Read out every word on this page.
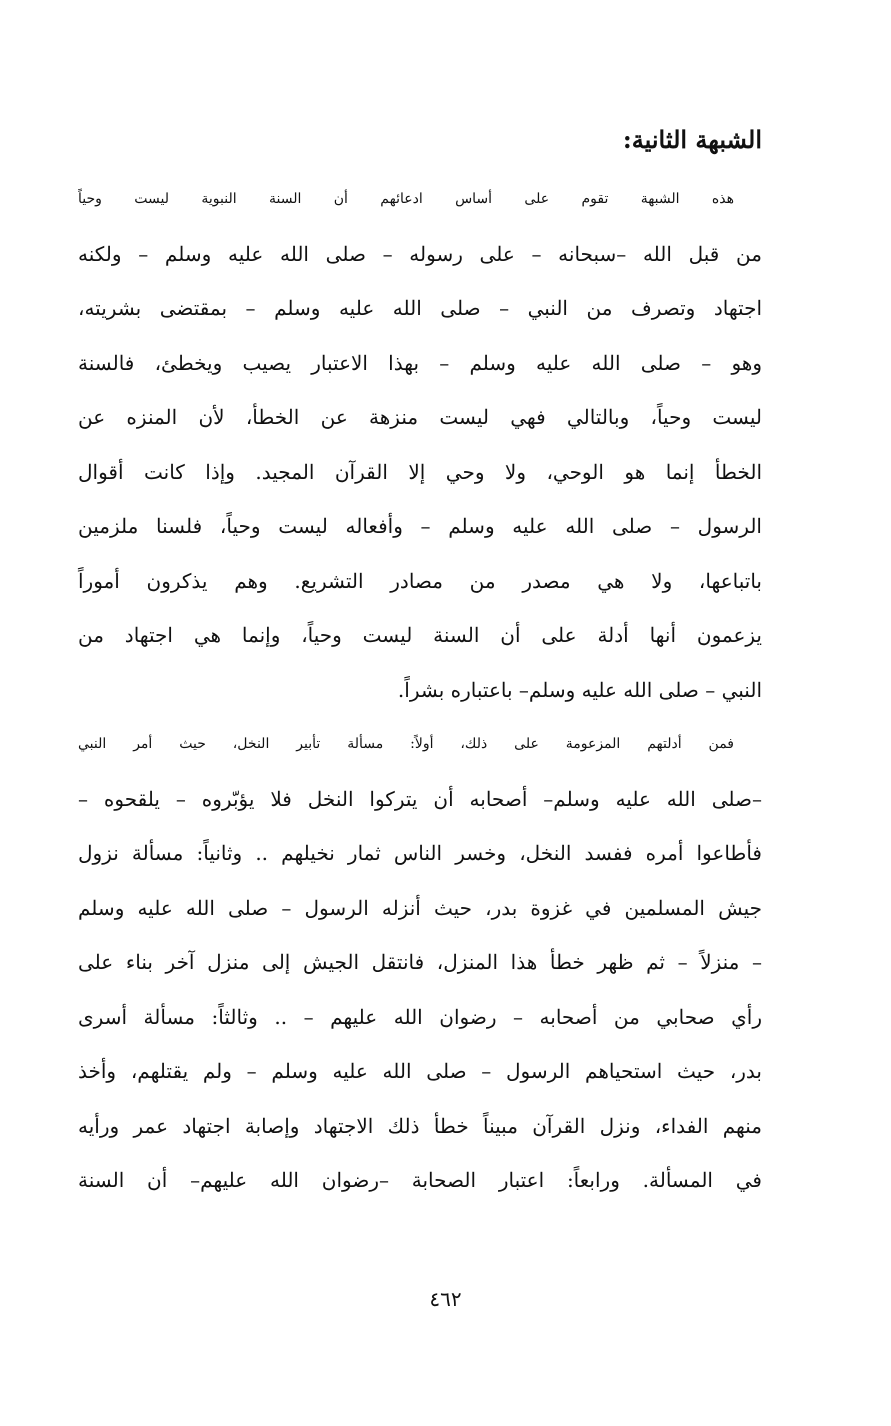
الشبهة الثانية:

هذه الشبهة تقوم على أساس ادعائهم أن السنة النبوية ليست وحياً
من قبل الله –سبحانه – على رسوله – صلى الله عليه وسلم – ولكنه
اجتهاد وتصرف من النبي – صلى الله عليه وسلم – بمقتضى بشريته،
وهو – صلى الله عليه وسلم – بهذا الاعتبار يصيب ويخطئ، فالسنة
ليست وحياً، وبالتالي فهي ليست منزهة عن الخطأ، لأن المنزه عن
الخطأ إنما هو الوحي، ولا وحي إلا القرآن المجيد. وإذا كانت أقوال
الرسول – صلى الله عليه وسلم – وأفعاله ليست وحياً، فلسنا ملزمين
باتباعها، ولا هي مصدر من مصادر التشريع. وهم يذكرون أموراً
يزعمون أنها أدلة على أن السنة ليست وحياً، وإنما هي اجتهاد من
النبي – صلى الله عليه وسلم– باعتباره بشراً.

فمن أدلتهم المزعومة على ذلك، أولاً: مسألة تأبير النخل، حيث أمر النبي
–صلى الله عليه وسلم– أصحابه أن يتركوا النخل فلا يؤبّروه – يلقحوه –
فأطاعوا أمره ففسد النخل، وخسر الناس ثمار نخيلهم .. وثانياً: مسألة نزول
جيش المسلمين في غزوة بدر، حيث أنزله الرسول – صلى الله عليه وسلم
– منزلاً – ثم ظهر خطأ هذا المنزل، فانتقل الجيش إلى منزل آخر بناء على
رأي صحابي من أصحابه – رضوان الله عليهم – .. وثالثاً: مسألة أسرى
بدر، حيث استحياهم الرسول – صلى الله عليه وسلم – ولم يقتلهم، وأخذ
منهم الفداء، ونزل القرآن مبيناً خطأ ذلك الاجتهاد وإصابة اجتهاد عمر ورأيه
في المسألة. ورابعاً: اعتبار الصحابة –رضوان الله عليهم– أن السنة

٤٦٢
